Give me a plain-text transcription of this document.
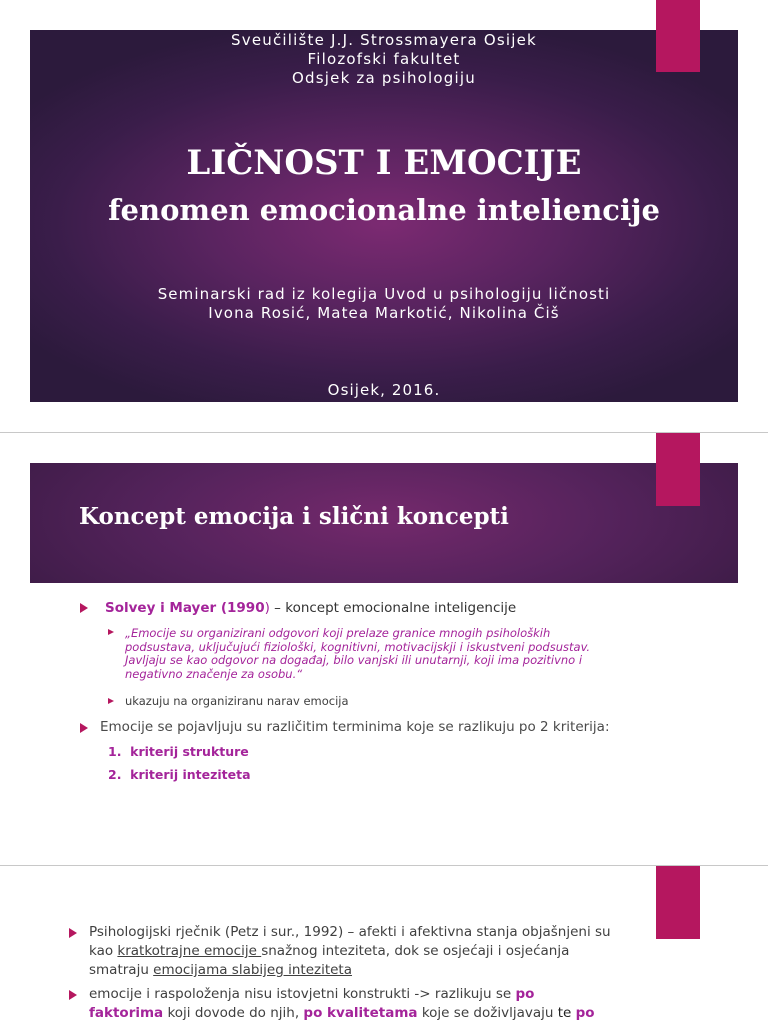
Sveučilište J.J. Strossmayera Osijek
Filozofski fakultet
Odsjek za psihologiju
LIČNOST I EMOCIJE
fenomen emocionalne inteliencije
Seminarski rad iz kolegija Uvod u psihologiju ličnosti
Ivona Rosić, Matea Markotić, Nikolina Čiš
Osijek, 2016.
Koncept emocija i slični koncepti
Solvey i Mayer (1990) – koncept emocionalne inteligencije
„Emocije su organizirani odgovori koji prelaze granice mnogih psiholoških
podsustava, uključujući fiziološki, kognitivni, motivacijskji i iskustveni podsustav.
Javljaju se kao odgovor na događaj, bilo vanjski ili unutarnji, koji ima pozitivno i
negativno značenje za osobu.“
ukazuju na organiziranu narav emocija
Emocije se pojavljuju su različitim terminima koje se razlikuju po 2 kriterija:
1. kriterij strukture
2. kriterij inteziteta
Psihologijski rječnik (Petz i sur., 1992) – afekti i afektivna stanja objašnjeni su
kao kratkotrajne emocije snažnog inteziteta, dok se osjećaji i osjećanja
smatraju emocijama slabijeg inteziteta
emocije i raspoloženja nisu istovjetni konstrukti -> razlikuju se po
faktorima koji dovode do njih, po kvalitetama koje se doživljavaju te po
